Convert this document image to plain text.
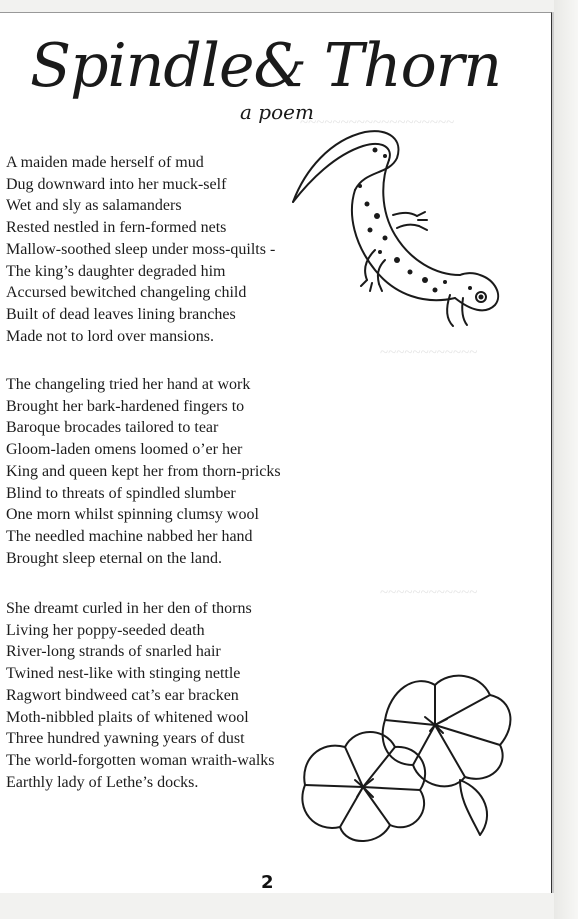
~~~~~~~~~~~~~~~~~~~
~~~~~~~~~~~~
~~~~~~~~~~~~
Spindle& Thorn
a poem
A maiden made herself of mud
Dug downward into her muck-self
Wet and sly as salamanders
Rested nestled in fern-formed nets
Mallow-soothed sleep under moss-quilts -
The king’s daughter degraded him
Accursed bewitched changeling child
Built of dead leaves lining branches
Made not to lord over mansions.
The changeling tried her hand at work
Brought her bark-hardened fingers to
Baroque brocades tailored to tear
Gloom-laden omens loomed o’er her
King and queen kept her from thorn-pricks
Blind to threats of spindled slumber
One morn whilst spinning clumsy wool
The needled machine nabbed her hand
Brought sleep eternal on the land.
She dreamt curled in her den of thorns
Living her poppy-seeded death
River-long strands of snarled hair
Twined nest-like with stinging nettle
Ragwort bindweed cat’s ear bracken
Moth-nibbled plaits of whitened wool
Three hundred yawning years of dust
The world-forgotten woman wraith-walks
Earthly lady of Lethe’s docks.
2
